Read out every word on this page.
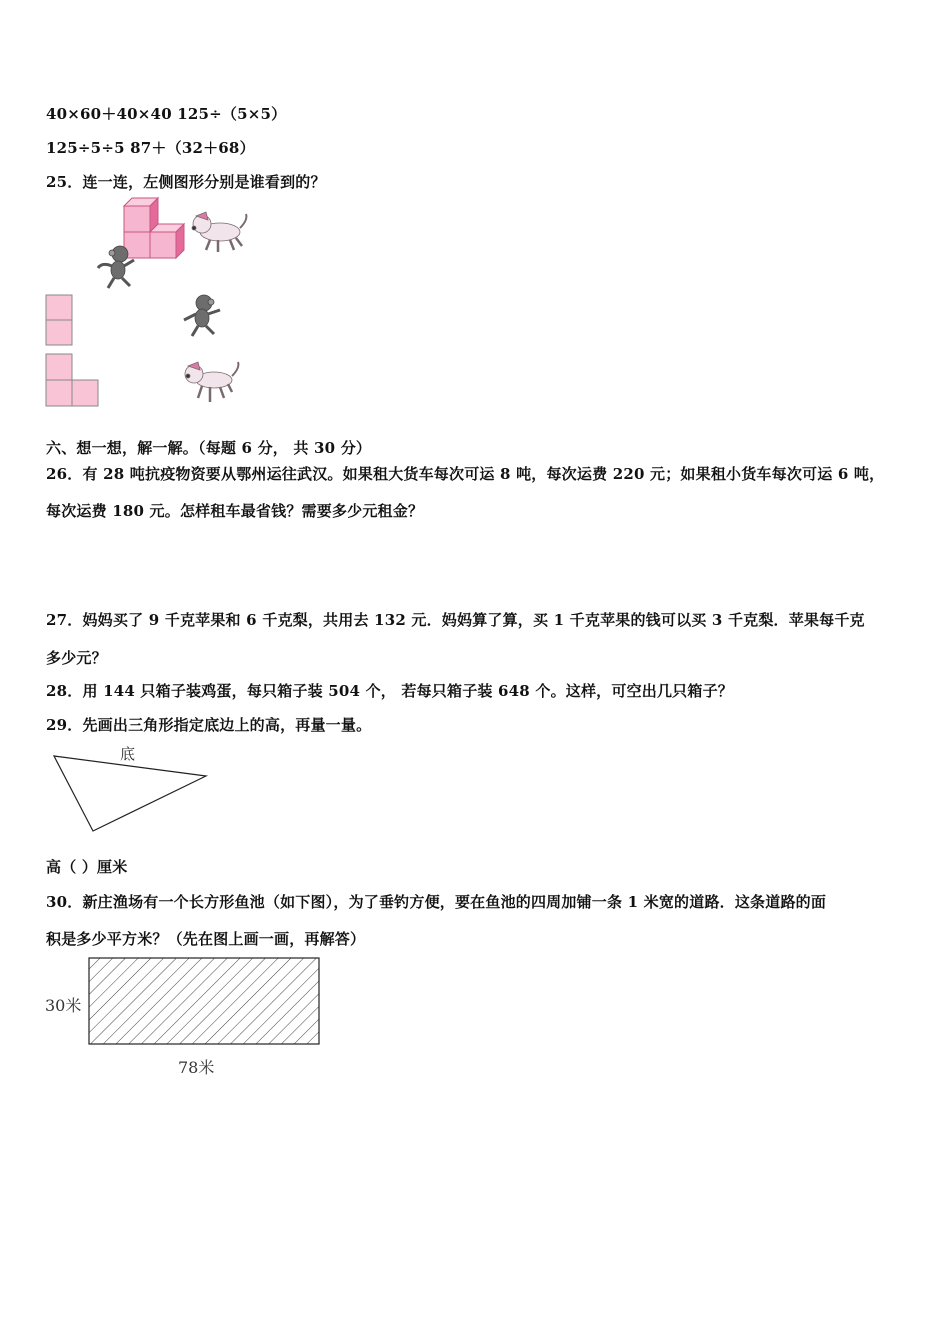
40×60＋40×40 125÷（5×5）
125÷5÷5 87＋（32＋68）
25．连一连，左侧图形分别是谁看到的？
六、想一想，解一解。（每题 6 分， 共 30 分）
26．有 28 吨抗疫物资要从鄂州运往武汉。如果租大货车每次可运 8 吨，每次运费 220 元；如果租小货车每次可运 6 吨，
每次运费 180 元。怎样租车最省钱？需要多少元租金？
27．妈妈买了 9 千克苹果和 6 千克梨，共用去 132 元．妈妈算了算，买 1 千克苹果的钱可以买 3 千克梨．苹果每千克
多少元？
28．用 144 只箱子装鸡蛋，每只箱子装 504 个， 若每只箱子装 648 个。这样，可空出几只箱子？
29．先画出三角形指定底边上的高，再量一量。
底
高（ ）厘米
30．新庄渔场有一个长方形鱼池（如下图），为了垂钓方便，要在鱼池的四周加铺一条 1 米宽的道路．这条道路的面
积是多少平方米？（先在图上画一画，再解答）
30米
78米
